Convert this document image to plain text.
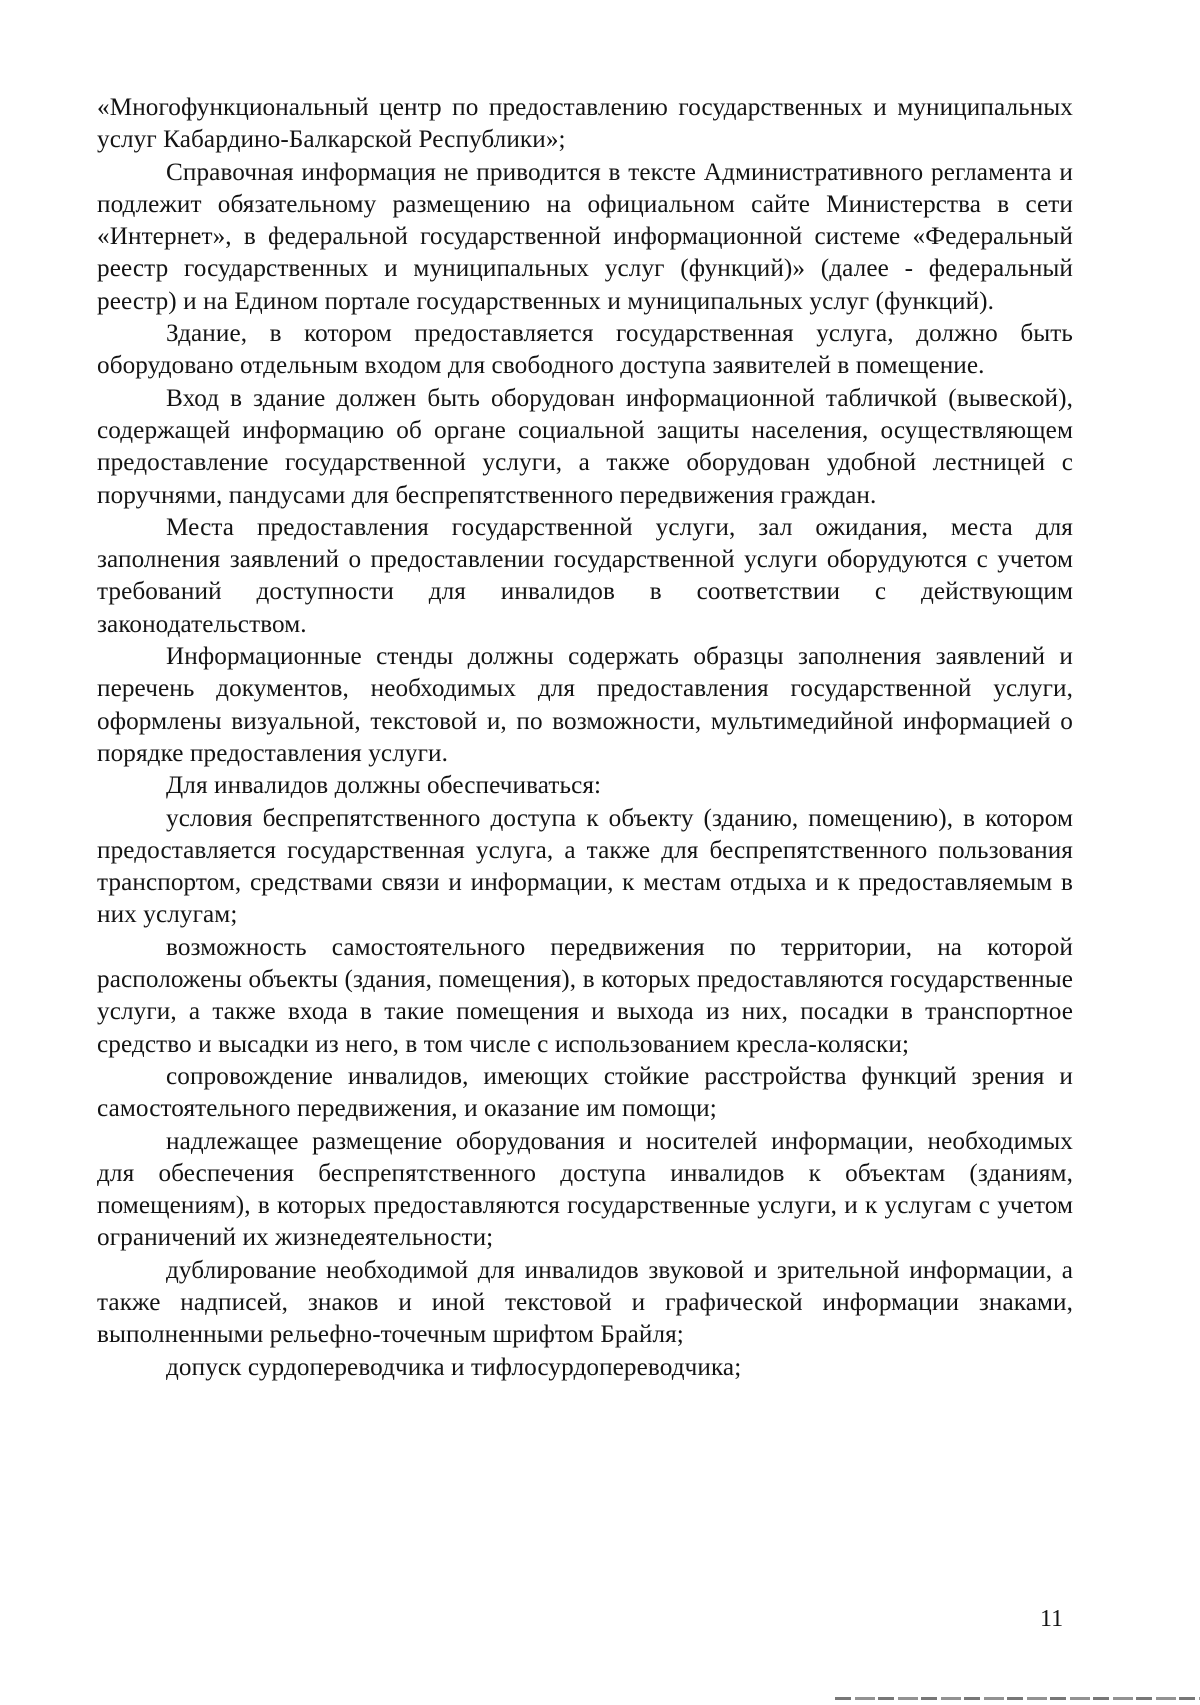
«Многофункциональный центр по предоставлению государственных и муниципальных услуг Кабардино-Балкарской Республики»;

Справочная информация не приводится в тексте Административного регламента и подлежит обязательному размещению на официальном сайте Министерства в сети «Интернет», в федеральной государственной информационной системе «Федеральный реестр государственных и муниципальных услуг (функций)» (далее - федеральный реестр) и на Едином портале государственных и муниципальных услуг (функций).

Здание, в котором предоставляется государственная услуга, должно быть оборудовано отдельным входом для свободного доступа заявителей в помещение.

Вход в здание должен быть оборудован информационной табличкой (вывеской), содержащей информацию об органе социальной защиты населения, осуществляющем предоставление государственной услуги, а также оборудован удобной лестницей с поручнями, пандусами для беспрепятственного передвижения граждан.

Места предоставления государственной услуги, зал ожидания, места для заполнения заявлений о предоставлении государственной услуги оборудуются с учетом требований доступности для инвалидов в соответствии с действующим законодательством.

Информационные стенды должны содержать образцы заполнения заявлений и перечень документов, необходимых для предоставления государственной услуги, оформлены визуальной, текстовой и, по возможности, мультимедийной информацией о порядке предоставления услуги.

Для инвалидов должны обеспечиваться:

условия беспрепятственного доступа к объекту (зданию, помещению), в котором предоставляется государственная услуга, а также для беспрепятственного пользования транспортом, средствами связи и информации, к местам отдыха и к предоставляемым в них услугам;

возможность самостоятельного передвижения по территории, на которой расположены объекты (здания, помещения), в которых предоставляются государственные услуги, а также входа в такие помещения и выхода из них, посадки в транспортное средство и высадки из него, в том числе с использованием кресла-коляски;

сопровождение инвалидов, имеющих стойкие расстройства функций зрения и самостоятельного передвижения, и оказание им помощи;

надлежащее размещение оборудования и носителей информации, необходимых для обеспечения беспрепятственного доступа инвалидов к объектам (зданиям, помещениям), в которых предоставляются государственные услуги, и к услугам с учетом ограничений их жизнедеятельности;

дублирование необходимой для инвалидов звуковой и зрительной информации, а также надписей, знаков и иной текстовой и графической информации знаками, выполненными рельефно-точечным шрифтом Брайля;

допуск сурдопереводчика и тифлосурдопереводчика;

11
